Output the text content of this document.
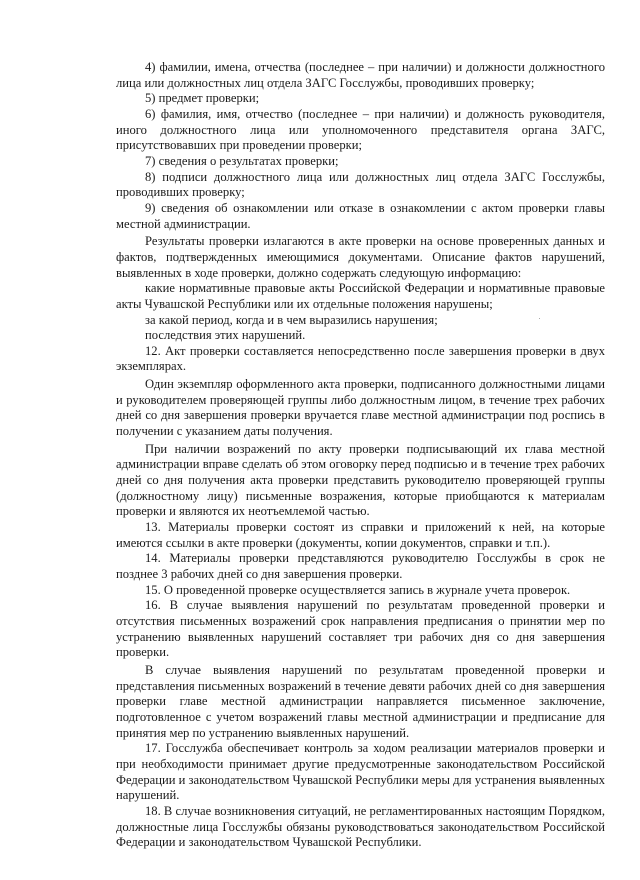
4) фамилии, имена, отчества (последнее – при наличии) и должности должностного лица или должностных лиц отдела ЗАГС Госслужбы, проводивших проверку;

5) предмет проверки;

6) фамилия, имя, отчество (последнее – при наличии) и должность руководителя, иного должностного лица или уполномоченного представителя органа ЗАГС, присутствовавших при проведении проверки;

7) сведения о результатах проверки;

8) подписи должностного лица или должностных лиц отдела ЗАГС Госслужбы, проводивших проверку;

9) сведения об ознакомлении или отказе в ознакомлении с актом проверки главы местной администрации.

Результаты проверки излагаются в акте проверки на основе проверенных данных и фактов, подтвержденных имеющимися документами. Описание фактов нарушений, выявленных в ходе проверки, должно содержать следующую информацию:

какие нормативные правовые акты Российской Федерации и нормативные правовые акты Чувашской Республики или их отдельные положения нарушены;

за какой период, когда и в чем выразились нарушения;

последствия этих нарушений.

12. Акт проверки составляется непосредственно после завершения проверки в двух экземплярах.

Один экземпляр оформленного акта проверки, подписанного должностными лицами и руководителем проверяющей группы либо должностным лицом, в течение трех рабочих дней со дня завершения проверки вручается главе местной администрации под роспись в получении с указанием даты получения.

При наличии возражений по акту проверки подписывающий их глава местной администрации вправе сделать об этом оговорку перед подписью и в течение трех рабочих дней со дня получения акта проверки представить руководителю проверяющей группы (должностному лицу) письменные возражения, которые приобщаются к материалам проверки и являются их неотъемлемой частью.

13. Материалы проверки состоят из справки и приложений к ней, на которые имеются ссылки в акте проверки (документы, копии документов, справки и т.п.).

14. Материалы проверки представляются руководителю Госслужбы в срок не позднее 3 рабочих дней со дня завершения проверки.

15. О проведенной проверке осуществляется запись в журнале учета проверок.

16. В случае выявления нарушений по результатам проведенной проверки и отсутствия письменных возражений срок направления предписания о принятии мер по устранению выявленных нарушений составляет три рабочих дня со дня завершения проверки.

В случае выявления нарушений по результатам проведенной проверки и представления письменных возражений в течение девяти рабочих дней со дня завершения проверки главе местной администрации направляется письменное заключение, подготовленное с учетом возражений главы местной администрации и предписание для принятия мер по устранению выявленных нарушений.

17. Госслужба обеспечивает контроль за ходом реализации материалов проверки и при необходимости принимает другие предусмотренные законодательством Российской Федерации и законодательством Чувашской Республики меры для устранения выявленных нарушений.

18. В случае возникновения ситуаций, не регламентированных настоящим Порядком, должностные лица Госслужбы обязаны руководствоваться законодательством Российской Федерации и законодательством Чувашской Республики.
